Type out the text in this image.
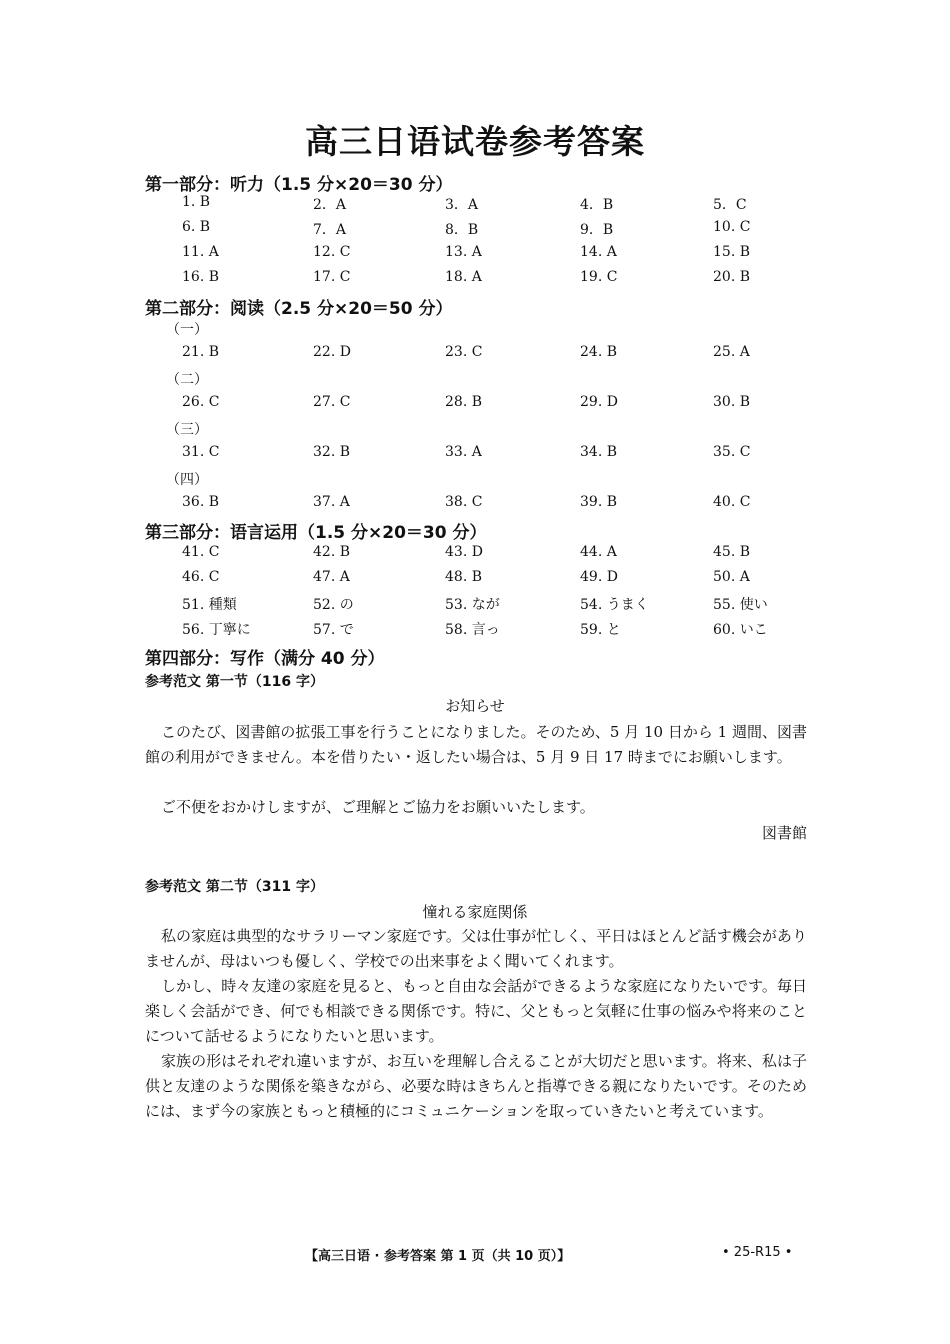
高三日语试卷参考答案
第一部分：听力（1.5 分×20＝30 分）
1. B	2．A	3．A	4．B	5．C
6. B	7．A	8．B	9．B	10. C
11. A	12. C	13. A	14. A	15. B
16. B	17. C	18. A	19. C	20. B
第二部分：阅读（2.5 分×20＝50 分）
（一）
21. B	22. D	23. C	24. B	25. A
（二）
26. C	27. C	28. B	29. D	30. B
（三）
31. C	32. B	33. A	34. B	35. C
（四）
36. B	37. A	38. C	39. B	40. C
第三部分：语言运用（1.5 分×20＝30 分）
41. C	42. B	43. D	44. A	45. B
46. C	47. A	48. B	49. D	50. A
51. 種類	52. の	53. なが	54. うまく	55. 使い
56. 丁寧に	57. で	58. 言っ	59. と	60. いこ
第四部分：写作（满分 40 分）
参考范文 第一节（116 字）
お知らせ

このたび、図書館の拡張工事を行うことになりました。そのため、5 月 10 日から 1 週間、図書館の利用ができません。本を借りたい・返したい場合は、5 月 9 日 17 時までにお願いします。

ご不便をおかけしますが、ご理解とご協力をお願いいたします。

図書館
参考范文 第二节（311 字）
憧れる家庭関係

私の家庭は典型的なサラリーマン家庭です。父は仕事が忙しく、平日はほとんど話す機会がありませんが、母はいつも優しく、学校での出来事をよく聞いてくれます。

しかし、時々友達の家庭を見ると、もっと自由な会話ができるような家庭になりたいです。毎日楽しく会話ができ、何でも相談できる関係です。特に、父ともっと気軽に仕事の悩みや将来のことについて話せるようになりたいと思います。

家族の形はそれぞれ違いますが、お互いを理解し合えることが大切だと思います。将来、私は子供と友達のような関係を築きながら、必要な時はきちんと指導できる親になりたいです。そのためには、まず今の家族ともっと積極的にコミュニケーションを取っていきたいと考えています。

【高三日语 · 参考答案 第 1 页（共 10 页）】	• 25-R15 •
